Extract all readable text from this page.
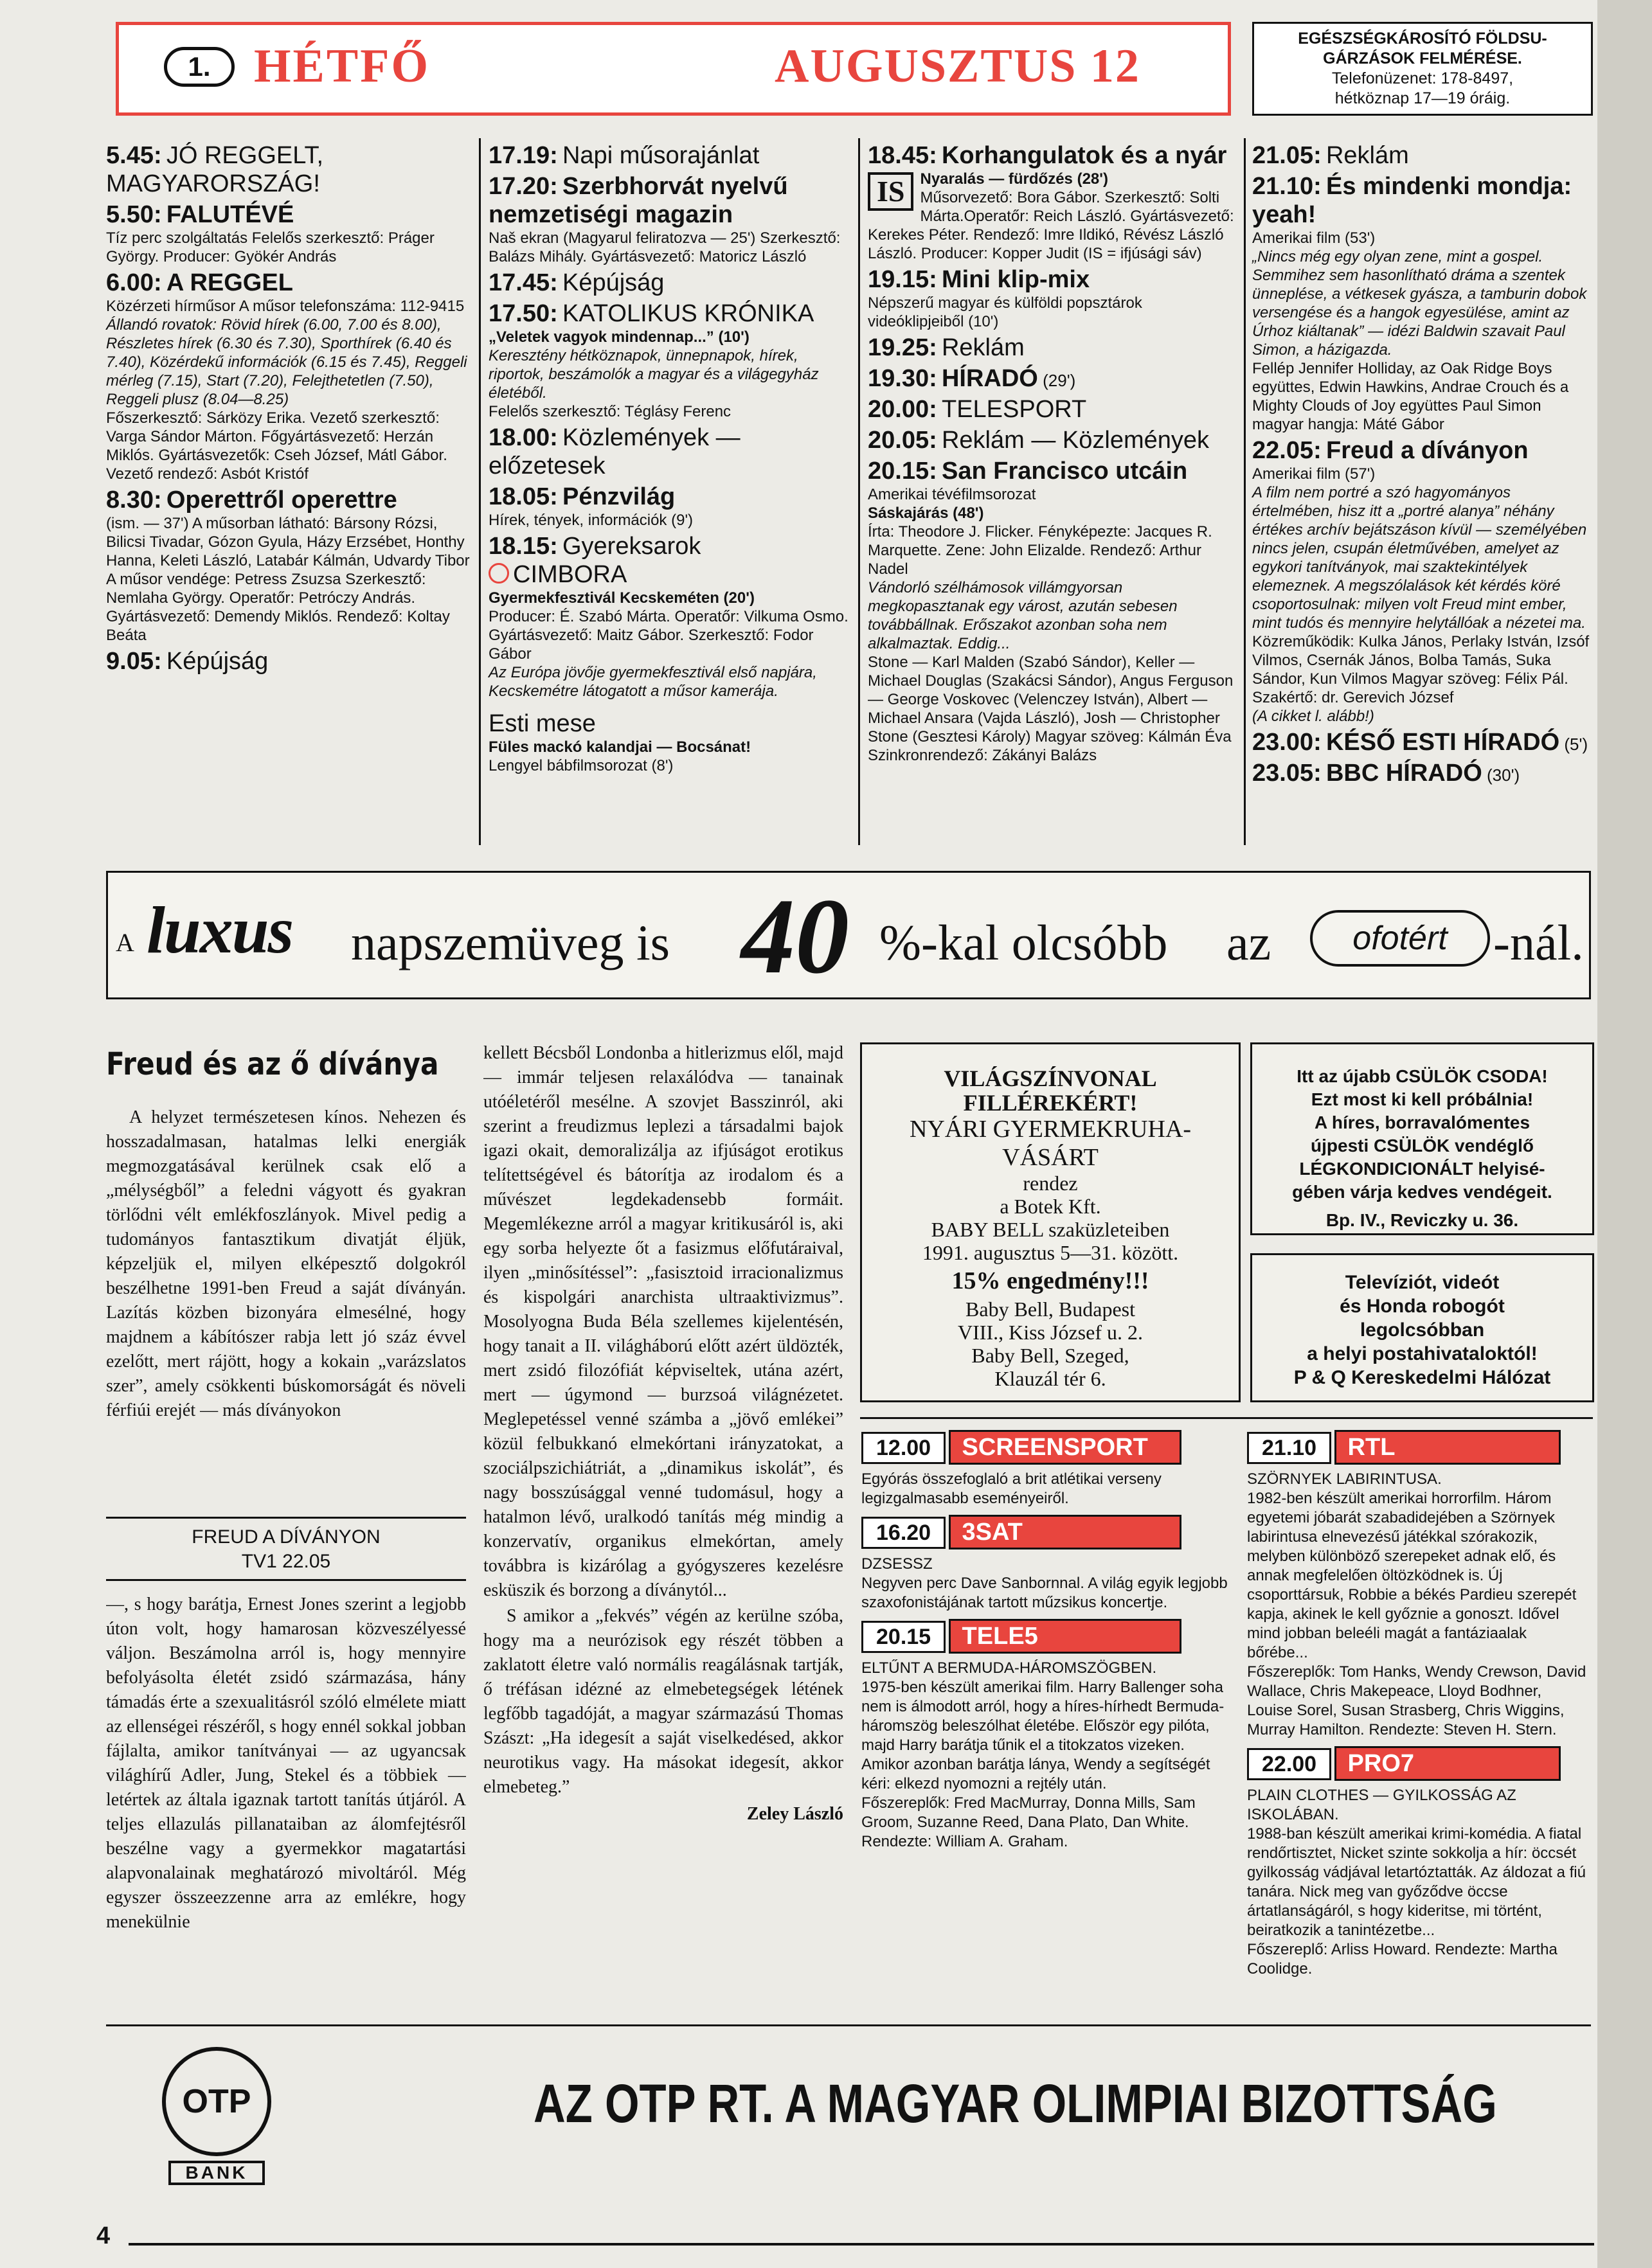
1. HÉTFŐ	AUGUSZTUS 12
EGÉSZSÉGKÁROSÍTÓ FÖLDSU- GÁRZÁSOK FELMÉRÉSE.
Telefonüzenet: 178-8497,
hétköznap 17—19 óráig.
5.45: JÓ REGGELT, MAGYARORSZÁG!
5.50: FALUTÉVÉ
Tíz perc szolgáltatás Felelős szerkesztő: Práger György. Producer: Gyökér András
6.00: A REGGEL
Közérzeti hírműsor A műsor telefonszáma: 112-9415
Állandó rovatok: Rövid hírek (6.00, 7.00 és 8.00), Részletes hírek (6.30 és 7.30), Sporthírek (6.40 és 7.40), Közérdekű információk (6.15 és 7.45), Reggeli mérleg (7.15), Start (7.20), Felejthetetlen (7.50), Reggeli plusz (8.04—8.25)
Főszerkesztő: Sárközy Erika. Vezető szerkesztő: Varga Sándor Márton. Főgyártásvezető: Herzán Miklós. Gyártásvezetők: Cseh József, Mátl Gábor. Vezető rendező: Asbót Kristóf
8.30: Operettről operettre
(ism. — 37') A műsorban látható: Bársony Rózsi, Bilicsi Tivadar, Gózon Gyula, Házy Erzsébet, Honthy Hanna, Keleti László, Latabár Kálmán, Udvardy Tibor A műsor vendége: Petress Zsuzsa Szerkesztő: Nemlaha György. Operatőr: Petróczy András. Gyártásvezető: Demendy Miklós. Rendező: Koltay Beáta
9.05: Képújság
17.19: Napi műsorajánlat
17.20: Szerbhorvát nyelvű nemzetiségi magazin
Naš ekran (Magyarul feliratozva — 25') Szerkesztő: Balázs Mihály. Gyártásvezető: Matoricz László
17.45: Képújság
17.50: KATOLIKUS KRÓNIKA
„Veletek vagyok mindennap...” (10')
Keresztény hétköznapok, ünnepnapok, hírek, riportok, beszámolók a magyar és a világegyház életéből.
Felelős szerkesztő: Téglásy Ferenc
18.00: Közlemények — előzetesek
18.05: Pénzvilág
Hírek, tények, információk (9')
18.15: Gyereksarok
CIMBORA
Gyermekfesztivál Kecskeméten (20')
Producer: É. Szabó Márta. Operatőr: Vilkuma Osmo. Gyártásvezető: Maitz Gábor. Szerkesztő: Fodor Gábor
Az Európa jövője gyermekfesztivál első napjára, Kecskemétre látogatott a műsor kamerája.
Esti mese
Füles mackó kalandjai — Bocsánat!
Lengyel bábfilmsorozat (8')
18.45: Korhangulatok és a nyár
IS	Nyaralás — fürdőzés (28')
Műsorvezető: Bora Gábor. Szerkesztő: Solti Márta.Operatőr: Reich László. Gyártásvezető: Kerekes Péter. Rendező: Imre Ildikó, Révész László László. Producer: Kopper Judit (IS = ifjúsági sáv)
19.15: Mini klip-mix
Népszerű magyar és külföldi popsztárok videóklipjeiből (10')
19.25: Reklám
19.30: HÍRADÓ (29')
20.00: TELESPORT
20.05: Reklám — Közlemények
20.15: San Francisco utcáin
Amerikai tévéfilmsorozat
Sáskajárás (48')
Írta: Theodore J. Flicker. Fényképezte: Jacques R. Marquette. Zene: John Elizalde. Rendező: Arthur Nadel
Vándorló szélhámosok villámgyorsan megkopasztanak egy várost, azután sebesen továbbállnak. Erőszakot azonban soha nem alkalmaztak. Eddig...
Stone — Karl Malden (Szabó Sándor), Keller — Michael Douglas (Szakácsi Sándor), Angus Ferguson — George Voskovec (Velenczey István), Albert — Michael Ansara (Vajda László), Josh — Christopher Stone (Gesztesi Károly) Magyar szöveg: Kálmán Éva Szinkronrendező: Zákányi Balázs
21.05: Reklám
21.10: És mindenki mondja: yeah!
Amerikai film (53')
„Nincs még egy olyan zene, mint a gospel. Semmihez sem hasonlítható dráma a szentek ünneplése, a vétkesek gyásza, a tamburin dobok versengése és a hangok egyesülése, amint az Úrhoz kiáltanak” — idézi Baldwin szavait Paul Simon, a házigazda.
Fellép Jennifer Holliday, az Oak Ridge Boys együttes, Edwin Hawkins, Andrae Crouch és a Mighty Clouds of Joy együttes Paul Simon magyar hangja: Máté Gábor
22.05: Freud a díványon
Amerikai film (57')
A film nem portré a szó hagyományos értelmében, hisz itt a „portré alanya” néhány értékes archív bejátszáson kívül — személyében nincs jelen, csupán életművében, amelyet az egykori tanítványok, mai szaktekintélyek elemeznek. A megszólalások két kérdés köré csoportosulnak: milyen volt Freud mint ember, mint tudós és mennyire helytállóak a nézetei ma.
Közreműködik: Kulka János, Perlaky István, Izsóf Vilmos, Csernák János, Bolba Tamás, Suka Sándor, Kun Vilmos Magyar szöveg: Félix Pál. Szakértő: dr. Gerevich József
(A cikket l. alább!)
23.00: KÉSŐ ESTI HÍRADÓ (5')
23.05: BBC HÍRADÓ (30')
A luxus napszemüveg is 40 %-kal olcsóbb az	ofotért -nál.
Freud és az ő díványa

A helyzet természetesen kínos. Nehezen és hosszadalmasan, hatalmas lelki energiák megmozgatásával kerülnek csak elő a „mélységből” a feledni vágyott és gyakran törlődni vélt emlékfoszlányok. Mivel pedig a tudományos fantasztikum divatját éljük, képzeljük el, milyen elképesztő dolgokról beszélhetne 1991-ben Freud a saját díványán. Lazítás közben bizonyára elmesélné, hogy majdnem a kábítószer rabja lett jó száz évvel ezelőtt, mert rájött, hogy a kokain „varázslatos szer”, amely csökkenti búskomorságát és növeli férfiúi erejét — más díványokon

FREUD A DÍVÁNYON
TV1 22.05

—, s hogy barátja, Ernest Jones szerint a legjobb úton volt, hogy hamarosan közveszélyessé váljon. Beszámolna arról is, hogy mennyire befolyásolta életét zsidó származása, hány támadás érte a szexualitásról szóló elmélete miatt az ellenségei részéről, s hogy ennél sokkal jobban fájlalta, amikor tanítványai — az ugyancsak világhírű Adler, Jung, Stekel és a többiek — letértek az általa igaznak tartott tanítás útjáról. A teljes ellazulás pillanataiban az álomfejtésről beszélne vagy a gyermekkor magatartási alapvonalainak meghatározó mivoltáról. Még egyszer összeezzenne arra az emlékre, hogy menekülnie

kellett Bécsből Londonba a hitlerizmus elől, majd — immár teljesen relaxálódva — tanainak utóéletéről mesélne. A szovjet Basszinról, aki szerint a freudizmus leplezi a társadalmi bajok igazi okait, demoralizálja az ifjúságot erotikus telítettségével és bátorítja az irodalom és a művészet legdekadensebb formáit. Megemlékezne arról a magyar kritikusáról is, aki egy sorba helyezte őt a fasizmus előfutáraival, ilyen „minősítéssel”: „fasisztoid irracionalizmus és kispolgári anarchista ultraaktivizmus”. Mosolyogna Buda Béla szellemes kijelentésén, hogy tanait a II. világháború előtt azért üldözték, mert zsidó filozófiát képviseltek, utána azért, mert — úgymond — burzsoá világnézetet. Meglepetéssel venné számba a „jövő emlékei” közül felbukkanó elmekórtani irányzatokat, a szociálpszichiátriát, a „dinamikus iskolát”, és nagy bosszúsággal venné tudomásul, hogy a hatalmon lévő, uralkodó tanítás még mindig a konzervatív, organikus elmekórtan, amely továbbra is kizárólag a gyógyszeres kezelésre esküszik és borzong a díványtól...

S amikor a „fekvés” végén az kerülne szóba, hogy ma a neurózisok egy részét többen a zaklatott életre való normális reagálásnak tartják, ő tréfásan idézné az elmebetegségek létének legfőbb tagadóját, a magyar származású Thomas Szászt: „Ha idegesít a saját viselkedésed, akkor neurotikus vagy. Ha másokat idegesít, akkor elmebeteg.”

Zeley László
VILÁGSZÍNVONAL
FILLÉREKÉRT!
NYÁRI GYERMEKRUHA-
VÁSÁRT
rendez
a Botek Kft.
BABY BELL szaküzleteiben
1991. augusztus 5—31. között.
15% engedmény!!!
Baby Bell, Budapest
VIII., Kiss József u. 2.
Baby Bell, Szeged,
Klauzál tér 6.
Itt az újabb CSÜLÖK CSODA!
Ezt most ki kell próbálnia!
A híres, borravalómentes
újpesti CSÜLÖK vendéglő
LÉGKONDICIONÁLT helyisé-
gében várja kedves vendégeit.
Bp. IV., Reviczky u. 36.
Televíziót, videót
és Honda robogót
legolcsóbban
a helyi postahivataloktól!
P & Q Kereskedelmi Hálózat
12.00 SCREENSPORT

Egyórás összefoglaló a brit atlétikai verseny legizgalmasabb eseményeiről.

16.20 3SAT

DZSESSZ

Negyven perc Dave Sanbornnal. A világ egyik legjobb szaxofonistájának tartott műzsikus koncertje.

20.15 TELE5

ELTŰNT A BERMUDA-HÁROMSZÖGBEN.

1975-ben készült amerikai film. Harry Ballenger soha nem is álmodott arról, hogy a híres-hírhedt Bermuda-háromszög beleszólhat életébe. Először egy pilóta, majd Harry barátja tűnik el a titokzatos vizeken. Amikor azonban barátja lánya, Wendy a segítségét kéri: elkezd nyomozni a rejtély után.

Főszereplők: Fred MacMurray, Donna Mills, Sam Groom, Suzanne Reed, Dana Plato, Dan White. Rendezte: William A. Graham.

21.10 RTL

SZÖRNYEK LABIRINTUSA.

1982-ben készült amerikai horrorfilm. Három egyetemi jóbarát szabadidejében a Szörnyek labirintusa elnevezésű játékkal szórakozik, melyben különböző szerepeket adnak elő, és annak megfelelően öltözködnek is. Új csoporttársuk, Robbie a békés Pardieu szerepét kapja, akinek le kell győznie a gonoszt. Idővel mind jobban beleéli magát a fantáziaalak bőrébe...

Főszereplők: Tom Hanks, Wendy Crewson, David Wallace, Chris Makepeace, Lloyd Bodhner, Louise Sorel, Susan Strasberg, Chris Wiggins, Murray Hamilton. Rendezte: Steven H. Stern.

22.00 PRO7

PLAIN CLOTHES — GYILKOSSÁG AZ ISKOLÁBAN.

1988-ban készült amerikai krimi-komédia. A fiatal rendőrtisztet, Nicket szinte sokkolja a hír: öccsét gyilkosság vádjával letartóztatták. Az áldozat a fiú tanára. Nick meg van győződve öccse ártatlanságáról, s hogy kideritse, mi történt, beiratkozik a tanintézetbe...

Főszereplő: Arliss Howard. Rendezte: Martha Coolidge.

OTP
BANK
AZ OTP RT. A MAGYAR OLIMPIAI BIZOTTSÁG
4
